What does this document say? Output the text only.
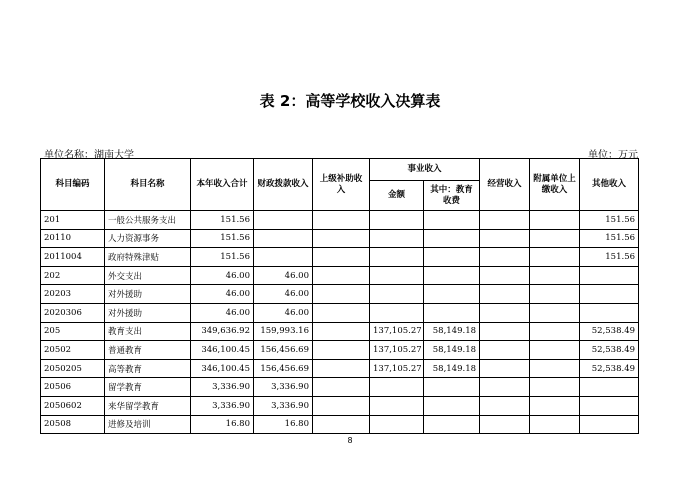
表 2：高等学校收入决算表
单位名称：湖南大学	单位：万元
科目编码	科目名称	本年收入合计	财政拨款收入	上级补助收入	事业收入		经营收入	附属单位上缴收入	其他收入
					金额	其中：教育收费			
201	一般公共服务支出	151.56							151.56
20110	人力资源事务	151.56							151.56
2011004	政府特殊津贴	151.56							151.56
202	外交支出	46.00	46.00						
20203	对外援助	46.00	46.00						
2020306	对外援助	46.00	46.00						
205	教育支出	349,636.92	159,993.16		137,105.27	58,149.18			52,538.49
20502	普通教育	346,100.45	156,456.69		137,105.27	58,149.18			52,538.49
2050205	高等教育	346,100.45	156,456.69		137,105.27	58,149.18			52,538.49
20506	留学教育	3,336.90	3,336.90						
2050602	来华留学教育	3,336.90	3,336.90						
20508	进修及培训	16.80	16.80						
8
